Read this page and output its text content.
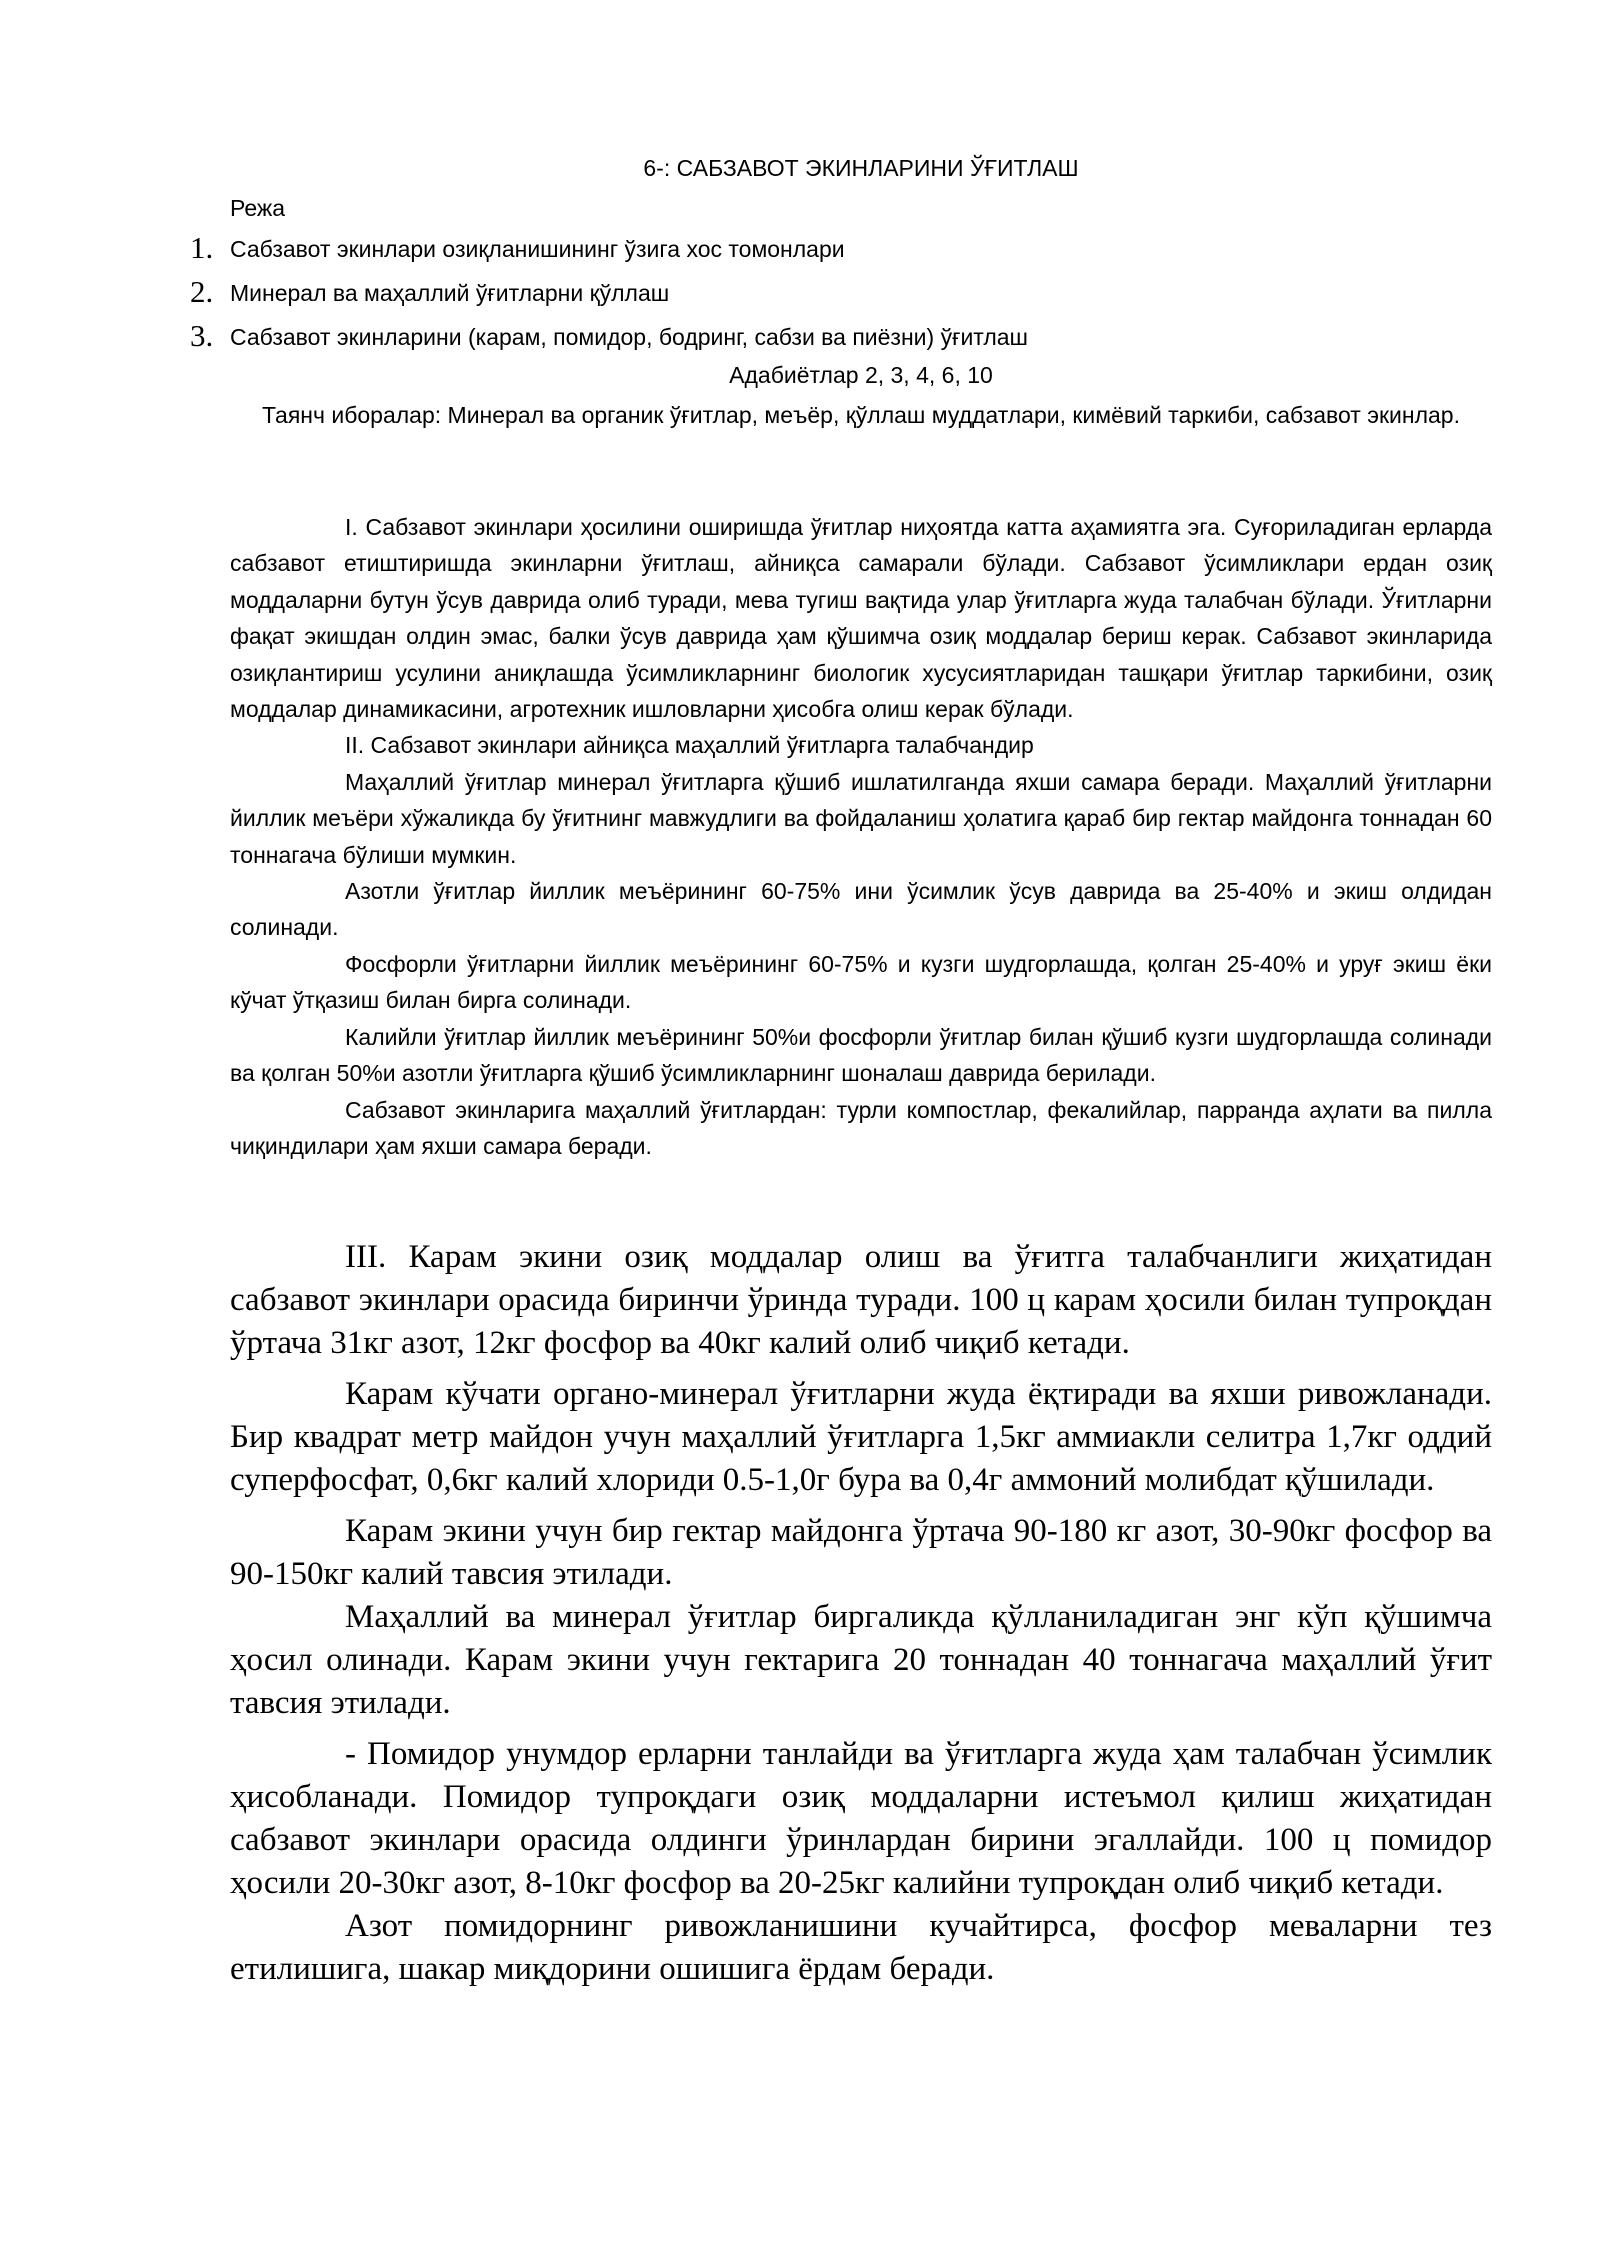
6-: САБЗАВОТ ЭКИНЛАРИНИ ЎҒИТЛАШ
Режа
1. Сабзавот экинлари озиқланишининг ўзига хос томонлари
2. Минерал ва маҳаллий ўғитларни қўллаш
3. Сабзавот экинларини (карам, помидор, бодринг, сабзи ва пиёзни) ўғитлаш
Адабиётлар 2, 3, 4, 6, 10
Таянч иборалар: Минерал ва органик ўғитлар, меъёр, қўллаш муддатлари, кимёвий таркиби, сабзавот экинлар.

I. Сабзавот экинлари ҳосилини оширишда ўғитлар ниҳоятда катта аҳамиятга эга. Суғориладиган ерларда сабзавот етиштиришда экинларни ўғитлаш, айниқса самарали бўлади. Сабзавот ўсимликлари ердан озиқ моддаларни бутун ўсув даврида олиб туради, мева тугиш вақтида улар ўғитларга жуда талабчан бўлади. Ўғитларни фақат экишдан олдин эмас, балки ўсув даврида ҳам қўшимча озиқ моддалар бериш керак. Сабзавот экинларида озиқлантириш усулини аниқлашда ўсимликларнинг биологик хусусиятларидан ташқари ўғитлар таркибини, озиқ моддалар динамикасини, агротехник ишловларни ҳисобга олиш керак бўлади.

II. Сабзавот экинлари айниқса маҳаллий ўғитларга талабчандир

Маҳаллий ўғитлар минерал ўғитларга қўшиб ишлатилганда яхши самара беради. Маҳаллий ўғитларни йиллик меъёри хўжаликда бу ўғитнинг мавжудлиги ва фойдаланиш ҳолатига қараб бир гектар майдонга тоннадан 60 тоннагача бўлиши мумкин.

Азотли ўғитлар йиллик меъёрининг 60-75% ини ўсимлик ўсув даврида ва 25-40% и экиш олдидан солинади.

Фосфорли ўғитларни йиллик меъёрининг 60-75% и кузги шудгорлашда, қолган 25-40% и уруғ экиш ёки кўчат ўтқазиш билан бирга солинади.

Калийли ўғитлар йиллик меъёрининг 50%и фосфорли ўғитлар билан қўшиб кузги шудгорлашда солинади ва қолган 50%и азотли ўғитларга қўшиб ўсимликларнинг шоналаш даврида берилади.

Сабзавот экинларига маҳаллий ўғитлардан: турли компостлар, фекалийлар, парранда аҳлати ва пилла чиқиндилари ҳам яхши самара беради.

III. Карам экини озиқ моддалар олиш ва ўғитга талабчанлиги жиҳатидан сабзавот экинлари орасида биринчи ўринда туради. 100 ц карам ҳосили билан тупроқдан ўртача 31кг азот, 12кг фосфор ва 40кг калий олиб чиқиб кетади.

Карам кўчати органо-минерал ўғитларни жуда ёқтиради ва яхши ривожланади. Бир квадрат метр майдон учун маҳаллий ўғитларга 1,5кг аммиакли селитра 1,7кг оддий суперфосфат, 0,6кг калий хлориди 0.5-1,0г бура ва 0,4г аммоний молибдат қўшилади.

Карам экини учун бир гектар майдонга ўртача 90-180 кг азот, 30-90кг фосфор ва 90-150кг калий тавсия этилади.

Маҳаллий ва минерал ўғитлар биргаликда қўлланиладиган энг кўп қўшимча ҳосил олинади. Карам экини учун гектарига 20 тоннадан 40 тоннагача маҳаллий ўғит тавсия этилади.

- Помидор унумдор ерларни танлайди ва ўғитларга жуда ҳам талабчан ўсимлик ҳисобланади. Помидор тупроқдаги озиқ моддаларни истеъмол қилиш жиҳатидан сабзавот экинлари орасида олдинги ўринлардан бирини эгаллайди. 100 ц помидор ҳосили 20-30кг азот, 8-10кг фосфор ва 20-25кг калийни тупроқдан олиб чиқиб кетади.

Азот помидорнинг ривожланишини кучайтирса, фосфор меваларни тез етилишига, шакар миқдорини ошишига ёрдам беради.
